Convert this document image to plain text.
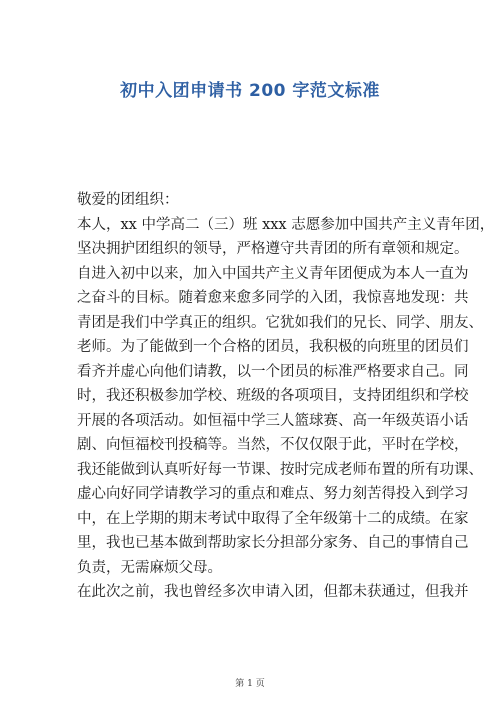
初中入团申请书 200 字范文标准
敬爱的团组织：
本人，xx 中学高二（三）班 xxx 志愿参加中国共产主义青年团，
坚决拥护团组织的领导，严格遵守共青团的所有章领和规定。
自进入初中以来，加入中国共产主义青年团便成为本人一直为
之奋斗的目标。随着愈来愈多同学的入团，我惊喜地发现：共
青团是我们中学真正的组织。它犹如我们的兄长、同学、朋友、
老师。为了能做到一个合格的团员，我积极的向班里的团员们
看齐并虚心向他们请教，以一个团员的标准严格要求自己。同
时，我还积极参加学校、班级的各项项目，支持团组织和学校
开展的各项活动。如恒福中学三人篮球赛、高一年级英语小话
剧、向恒福校刊投稿等。当然，不仅仅限于此，平时在学校，
我还能做到认真听好每一节课、按时完成老师布置的所有功课、
虚心向好同学请教学习的重点和难点、努力刻苦得投入到学习
中，在上学期的期末考试中取得了全年级第十二的成绩。在家
里，我也已基本做到帮助家长分担部分家务、自己的事情自己
负责，无需麻烦父母。
在此次之前，我也曾经多次申请入团，但都未获通过，但我并
第 1 页
